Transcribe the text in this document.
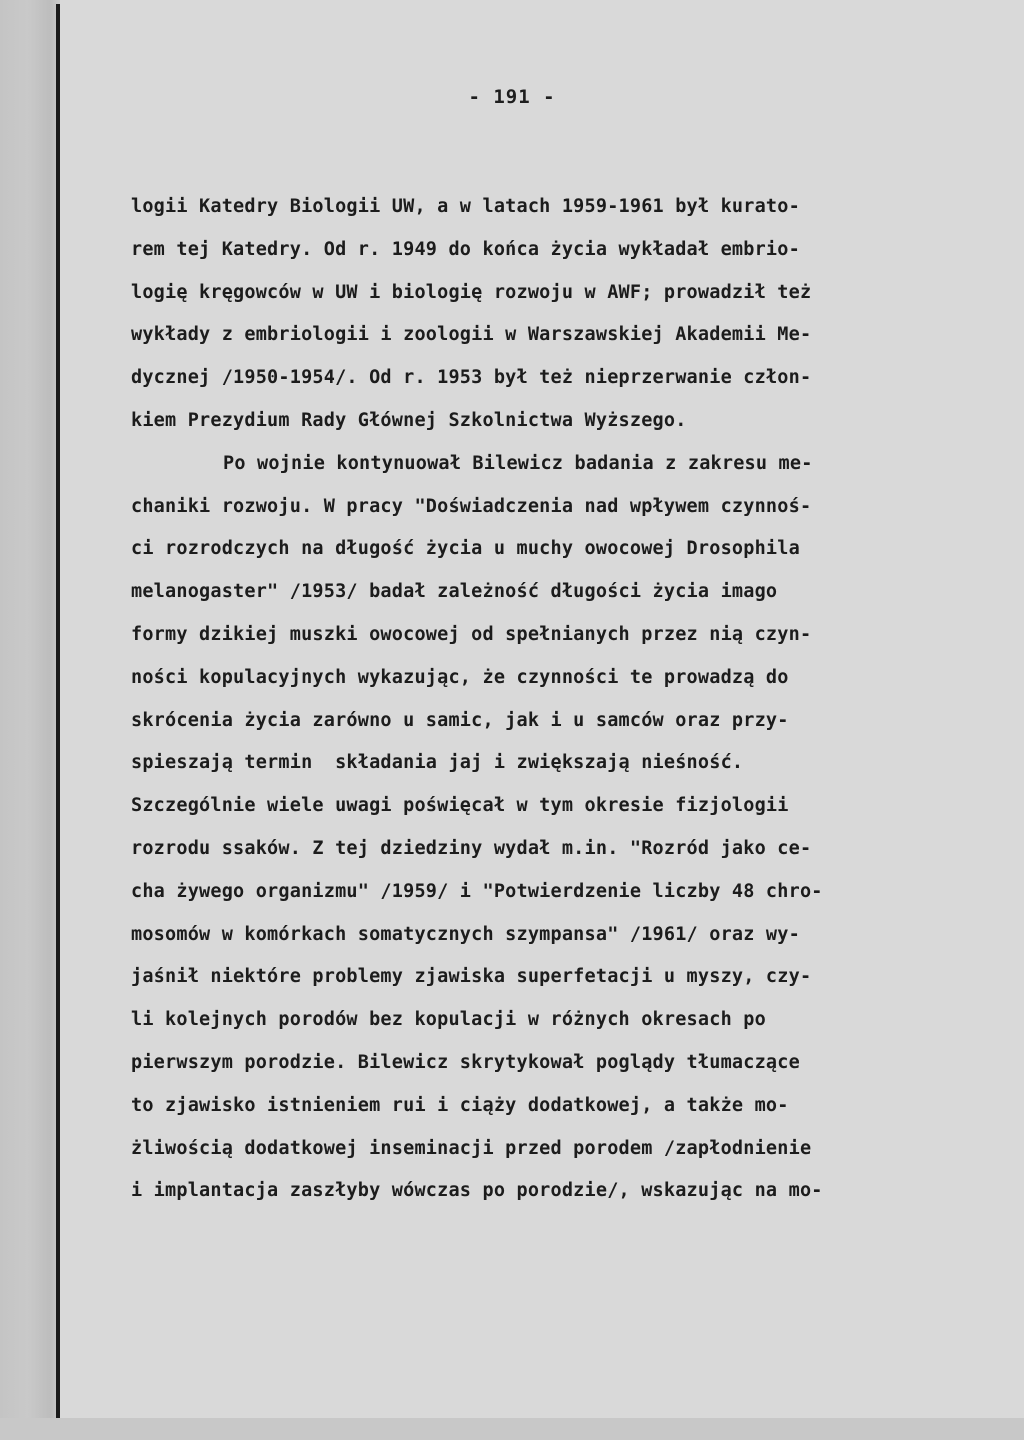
- 191 -
logii Katedry Biologii UW, a w latach 1959-1961 był kurato-
rem tej Katedry. Od r. 1949 do końca życia wykładał embrio-
logię kręgowców w UW i biologię rozwoju w AWF; prowadził też
wykłady z embriologii i zoologii w Warszawskiej Akademii Me-
dycznej /1950-1954/. Od r. 1953 był też nieprzerwanie człon-
kiem Prezydium Rady Głównej Szkolnictwa Wyższego.
Po wojnie kontynuował Bilewicz badania z zakresu me-
chaniki rozwoju. W pracy "Doświadczenia nad wpływem czynnoś-
ci rozrodczych na długość życia u muchy owocowej Drosophila
melanogaster" /1953/ badał zależność długości życia imago
formy dzikiej muszki owocowej od spełnianych przez nią czyn-
ności kopulacyjnych wykazując, że czynności te prowadzą do
skrócenia życia zarówno u samic, jak i u samców oraz przy-
spieszają termin  składania jaj i zwiększają nieśność.
Szczególnie wiele uwagi poświęcał w tym okresie fizjologii
rozrodu ssaków. Z tej dziedziny wydał m.in. "Rozród jako ce-
cha żywego organizmu" /1959/ i "Potwierdzenie liczby 48 chro-
mosomów w komórkach somatycznych szympansa" /1961/ oraz wy-
jaśnił niektóre problemy zjawiska superfetacji u myszy, czy-
li kolejnych porodów bez kopulacji w różnych okresach po
pierwszym porodzie. Bilewicz skrytykował poglądy tłumaczące
to zjawisko istnieniem rui i ciąży dodatkowej, a także mo-
żliwością dodatkowej inseminacji przed porodem /zapłodnienie
i implantacja zaszłyby wówczas po porodzie/, wskazując na mo-
